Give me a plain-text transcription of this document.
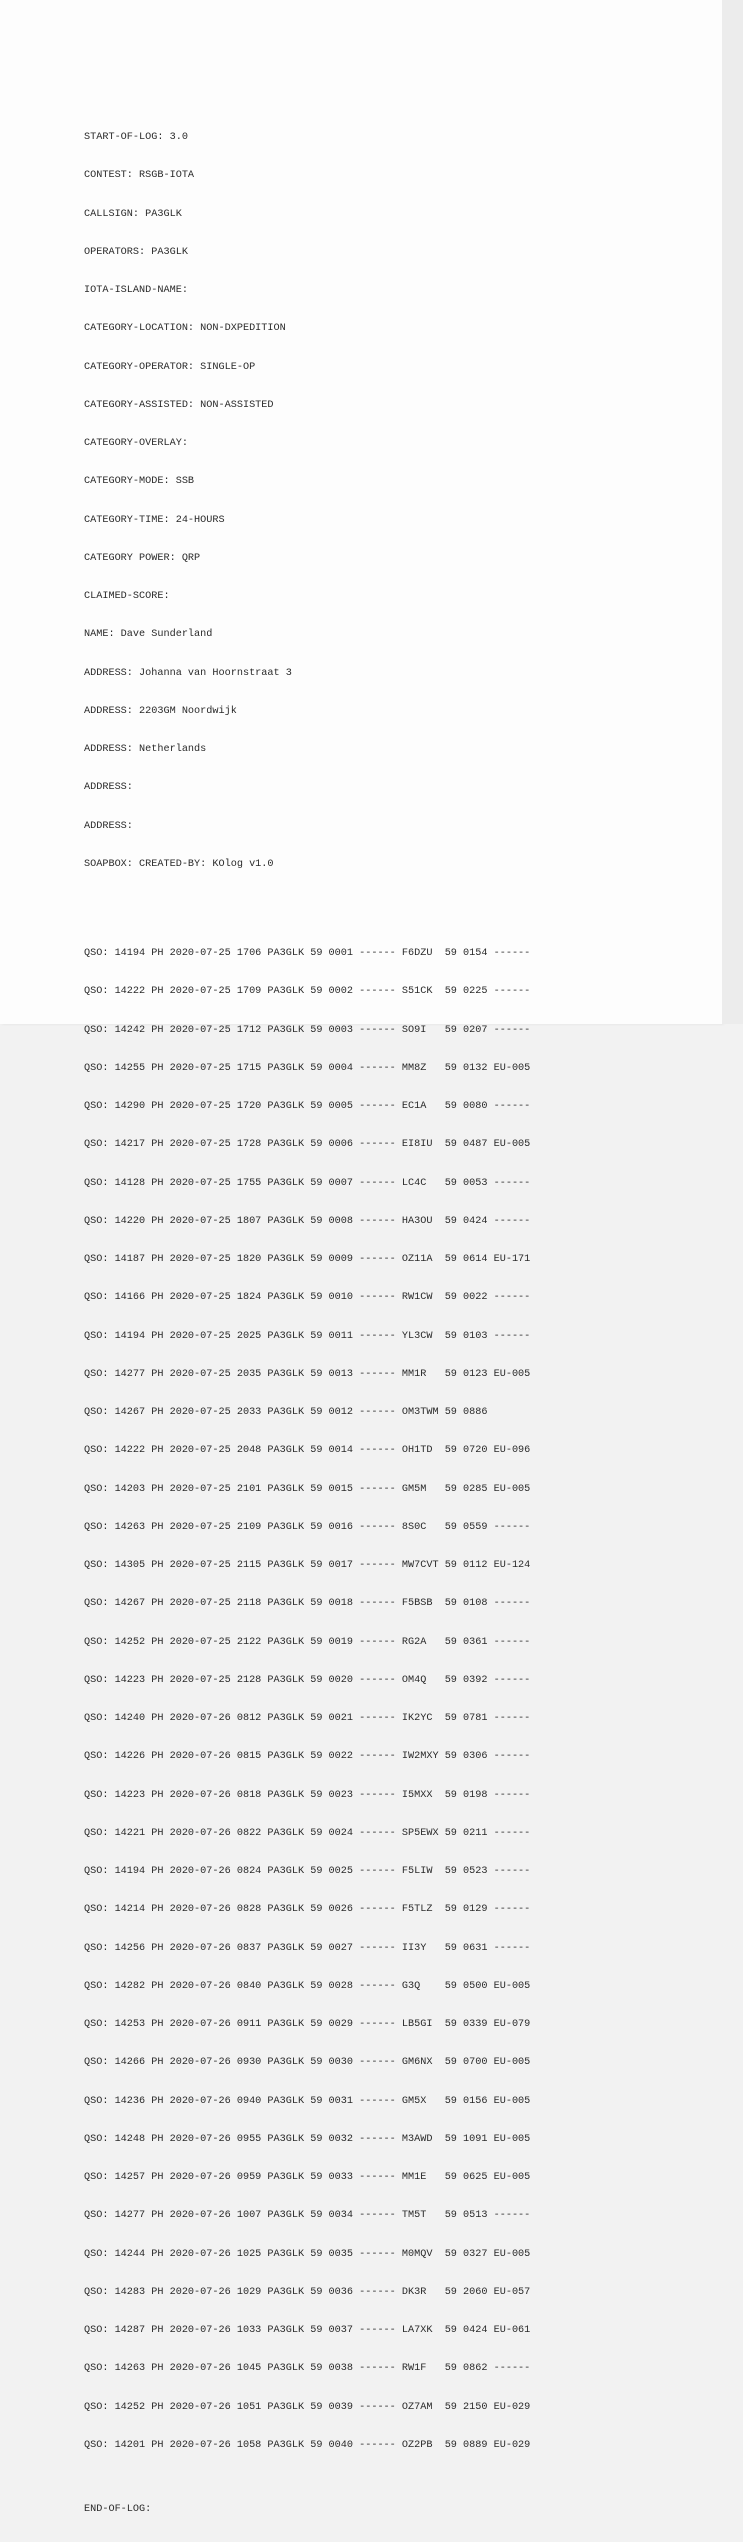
START-OF-LOG: 3.0

CONTEST: RSGB-IOTA

CALLSIGN: PA3GLK

OPERATORS: PA3GLK

IOTA-ISLAND-NAME:

CATEGORY-LOCATION: NON-DXPEDITION

CATEGORY-OPERATOR: SINGLE-OP

CATEGORY-ASSISTED: NON-ASSISTED

CATEGORY-OVERLAY:

CATEGORY-MODE: SSB

CATEGORY-TIME: 24-HOURS

CATEGORY POWER: QRP

CLAIMED-SCORE:

NAME: Dave Sunderland

ADDRESS: Johanna van Hoornstraat 3

ADDRESS: 2203GM Noordwijk

ADDRESS: Netherlands

ADDRESS:

ADDRESS:

SOAPBOX: CREATED-BY: KOlog v1.0

QSO: 14194 PH 2020-07-25 1706 PA3GLK 59 0001 ------ F6DZU  59 0154 ------

QSO: 14222 PH 2020-07-25 1709 PA3GLK 59 0002 ------ S51CK  59 0225 ------

QSO: 14242 PH 2020-07-25 1712 PA3GLK 59 0003 ------ SO9I   59 0207 ------

QSO: 14255 PH 2020-07-25 1715 PA3GLK 59 0004 ------ MM8Z   59 0132 EU-005

QSO: 14290 PH 2020-07-25 1720 PA3GLK 59 0005 ------ EC1A   59 0080 ------

QSO: 14217 PH 2020-07-25 1728 PA3GLK 59 0006 ------ EI8IU  59 0487 EU-005

QSO: 14128 PH 2020-07-25 1755 PA3GLK 59 0007 ------ LC4C   59 0053 ------

QSO: 14220 PH 2020-07-25 1807 PA3GLK 59 0008 ------ HA3OU  59 0424 ------

QSO: 14187 PH 2020-07-25 1820 PA3GLK 59 0009 ------ OZ11A  59 0614 EU-171

QSO: 14166 PH 2020-07-25 1824 PA3GLK 59 0010 ------ RW1CW  59 0022 ------

QSO: 14194 PH 2020-07-25 2025 PA3GLK 59 0011 ------ YL3CW  59 0103 ------

QSO: 14277 PH 2020-07-25 2035 PA3GLK 59 0013 ------ MM1R   59 0123 EU-005

QSO: 14267 PH 2020-07-25 2033 PA3GLK 59 0012 ------ OM3TWM 59 0886

QSO: 14222 PH 2020-07-25 2048 PA3GLK 59 0014 ------ OH1TD  59 0720 EU-096

QSO: 14203 PH 2020-07-25 2101 PA3GLK 59 0015 ------ GM5M   59 0285 EU-005

QSO: 14263 PH 2020-07-25 2109 PA3GLK 59 0016 ------ 8S0C   59 0559 ------

QSO: 14305 PH 2020-07-25 2115 PA3GLK 59 0017 ------ MW7CVT 59 0112 EU-124

QSO: 14267 PH 2020-07-25 2118 PA3GLK 59 0018 ------ F5BSB  59 0108 ------

QSO: 14252 PH 2020-07-25 2122 PA3GLK 59 0019 ------ RG2A   59 0361 ------

QSO: 14223 PH 2020-07-25 2128 PA3GLK 59 0020 ------ OM4Q   59 0392 ------

QSO: 14240 PH 2020-07-26 0812 PA3GLK 59 0021 ------ IK2YC  59 0781 ------

QSO: 14226 PH 2020-07-26 0815 PA3GLK 59 0022 ------ IW2MXY 59 0306 ------

QSO: 14223 PH 2020-07-26 0818 PA3GLK 59 0023 ------ I5MXX  59 0198 ------

QSO: 14221 PH 2020-07-26 0822 PA3GLK 59 0024 ------ SP5EWX 59 0211 ------

QSO: 14194 PH 2020-07-26 0824 PA3GLK 59 0025 ------ F5LIW  59 0523 ------

QSO: 14214 PH 2020-07-26 0828 PA3GLK 59 0026 ------ F5TLZ  59 0129 ------

QSO: 14256 PH 2020-07-26 0837 PA3GLK 59 0027 ------ II3Y   59 0631 ------

QSO: 14282 PH 2020-07-26 0840 PA3GLK 59 0028 ------ G3Q    59 0500 EU-005

QSO: 14253 PH 2020-07-26 0911 PA3GLK 59 0029 ------ LB5GI  59 0339 EU-079

QSO: 14266 PH 2020-07-26 0930 PA3GLK 59 0030 ------ GM6NX  59 0700 EU-005

QSO: 14236 PH 2020-07-26 0940 PA3GLK 59 0031 ------ GM5X   59 0156 EU-005

QSO: 14248 PH 2020-07-26 0955 PA3GLK 59 0032 ------ M3AWD  59 1091 EU-005

QSO: 14257 PH 2020-07-26 0959 PA3GLK 59 0033 ------ MM1E   59 0625 EU-005

QSO: 14277 PH 2020-07-26 1007 PA3GLK 59 0034 ------ TM5T   59 0513 ------

QSO: 14244 PH 2020-07-26 1025 PA3GLK 59 0035 ------ M0MQV  59 0327 EU-005

QSO: 14283 PH 2020-07-26 1029 PA3GLK 59 0036 ------ DK3R   59 2060 EU-057

QSO: 14287 PH 2020-07-26 1033 PA3GLK 59 0037 ------ LA7XK  59 0424 EU-061

QSO: 14263 PH 2020-07-26 1045 PA3GLK 59 0038 ------ RW1F   59 0862 ------

QSO: 14252 PH 2020-07-26 1051 PA3GLK 59 0039 ------ OZ7AM  59 2150 EU-029

QSO: 14201 PH 2020-07-26 1058 PA3GLK 59 0040 ------ OZ2PB  59 0889 EU-029

END-OF-LOG:
